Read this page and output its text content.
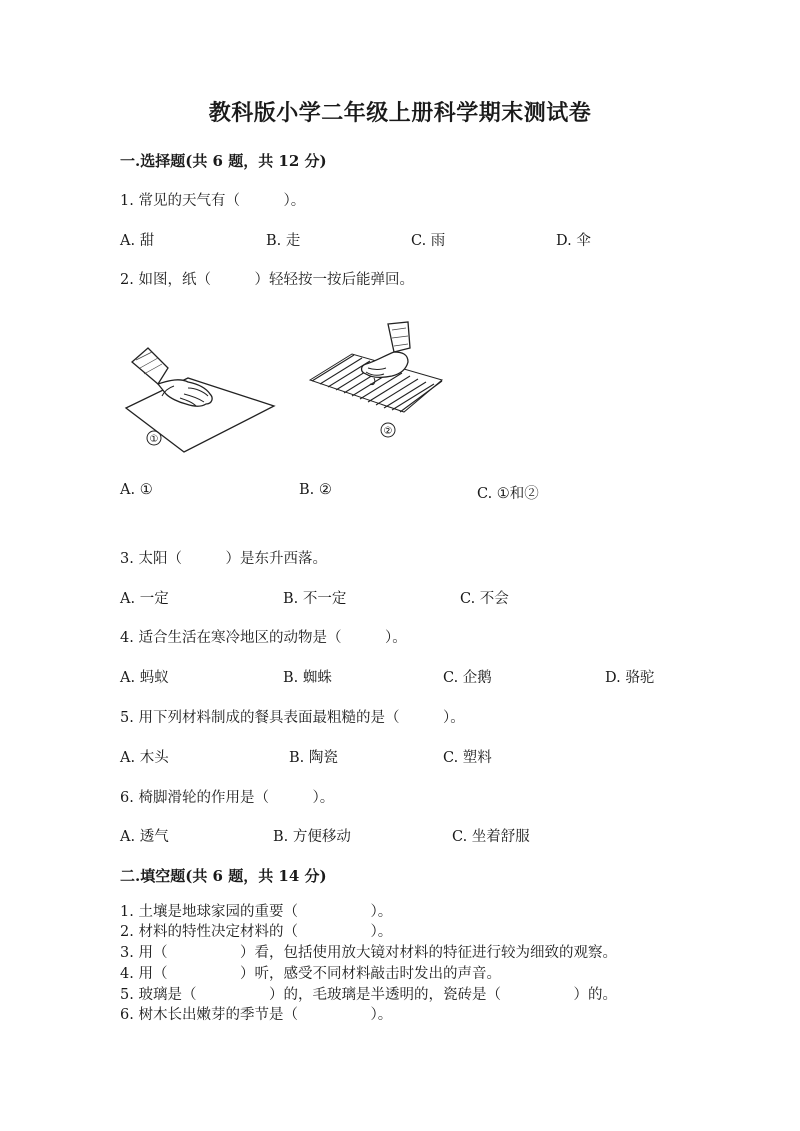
教科版小学二年级上册科学期末测试卷
一.选择题(共 6 题，共 12 分)
1. 常见的天气有（　　　）。
A. 甜	B. 走	C. 雨	D. 伞
2. 如图，纸（　　　）轻轻按一按后能弹回。
①
②
A. ①	B. ②	C. ①和②
3. 太阳（　　　）是东升西落。
A. 一定	B. 不一定	C. 不会
4. 适合生活在寒冷地区的动物是（　　　）。
A. 蚂蚁	B. 蜘蛛	C. 企鹅	D. 骆驼
5. 用下列材料制成的餐具表面最粗糙的是（　　　）。
A. 木头	B. 陶瓷	C. 塑料
6. 椅脚滑轮的作用是（　　　）。
A. 透气	B. 方便移动	C. 坐着舒服
二.填空题(共 6 题，共 14 分)
1. 土壤是地球家园的重要（　　　　　）。
2. 材料的特性决定材料的（　　　　　）。
3. 用（　　　　　）看，包括使用放大镜对材料的特征进行较为细致的观察。
4. 用（　　　　　）听，感受不同材料敲击时发出的声音。
5. 玻璃是（　　　　　）的，毛玻璃是半透明的，瓷砖是（　　　　　）的。
6. 树木长出嫩芽的季节是（　　　　　）。
